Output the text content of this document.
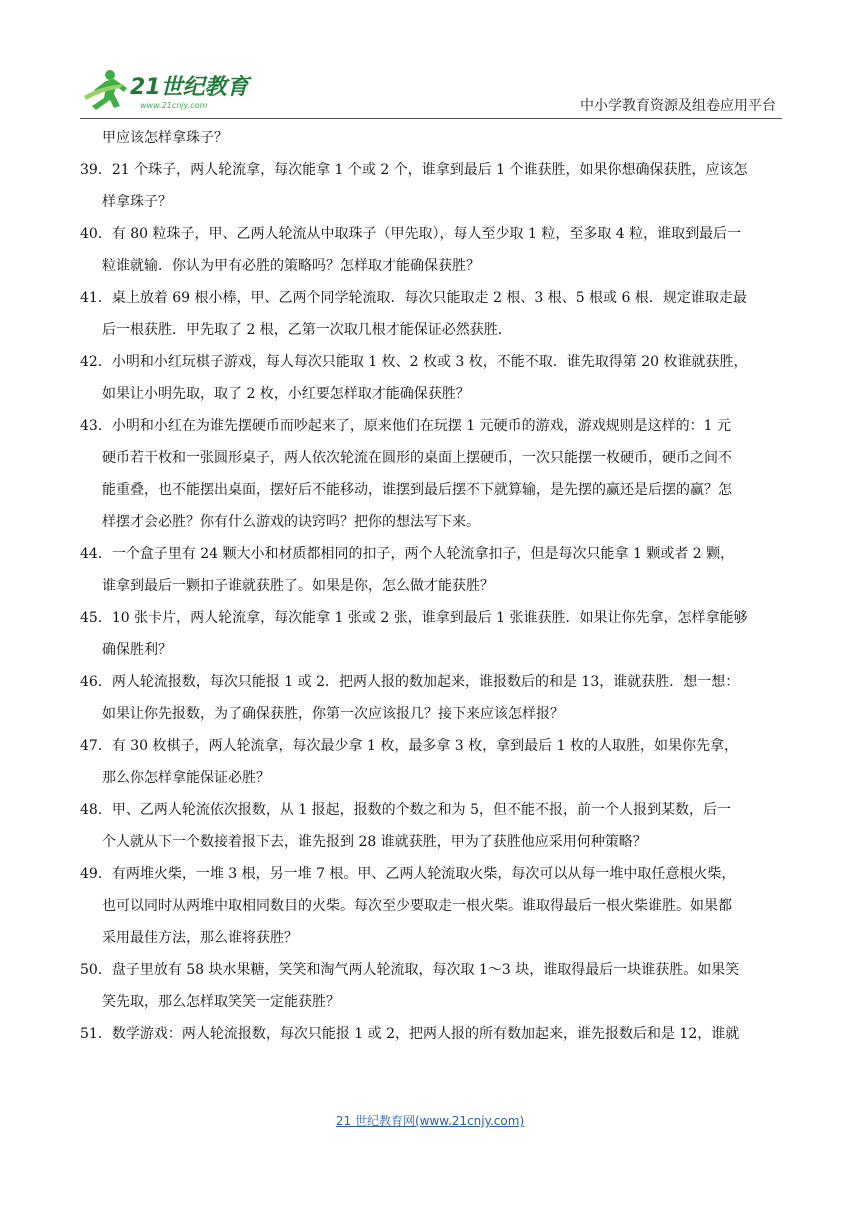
21世纪教育
www.21cnjy.com	中小学教育资源及组卷应用平台
甲应该怎样拿珠子？
39．21 个珠子，两人轮流拿，每次能拿 1 个或 2 个，谁拿到最后 1 个谁获胜，如果你想确保获胜，应该怎
样拿珠子？
40．有 80 粒珠子，甲、乙两人轮流从中取珠子（甲先取），每人至少取 1 粒，至多取 4 粒，谁取到最后一
粒谁就输．你认为甲有必胜的策略吗？怎样取才能确保获胜？
41．桌上放着 69 根小棒，甲、乙两个同学轮流取．每次只能取走 2 根、3 根、5 根或 6 根．规定谁取走最
后一根获胜．甲先取了 2 根，乙第一次取几根才能保证必然获胜．
42．小明和小红玩棋子游戏，每人每次只能取 1 枚、2 枚或 3 枚，不能不取．谁先取得第 20 枚谁就获胜，
如果让小明先取，取了 2 枚，小红要怎样取才能确保获胜？
43．小明和小红在为谁先摆硬币而吵起来了，原来他们在玩摆 1 元硬币的游戏，游戏规则是这样的：1 元
硬币若干枚和一张圆形桌子，两人依次轮流在圆形的桌面上摆硬币，一次只能摆一枚硬币，硬币之间不
能重叠，也不能摆出桌面，摆好后不能移动，谁摆到最后摆不下就算输，是先摆的赢还是后摆的赢？怎
样摆才会必胜？你有什么游戏的诀窍吗？把你的想法写下来。
44．一个盒子里有 24 颗大小和材质都相同的扣子，两个人轮流拿扣子，但是每次只能拿 1 颗或者 2 颗，
谁拿到最后一颗扣子谁就获胜了。如果是你，怎么做才能获胜？
45．10 张卡片，两人轮流拿，每次能拿 1 张或 2 张，谁拿到最后 1 张谁获胜．如果让你先拿，怎样拿能够
确保胜利？
46．两人轮流报数，每次只能报 1 或 2．把两人报的数加起来，谁报数后的和是 13，谁就获胜．想一想：
如果让你先报数，为了确保获胜，你第一次应该报几？接下来应该怎样报？
47．有 30 枚棋子，两人轮流拿，每次最少拿 1 枚，最多拿 3 枚，拿到最后 1 枚的人取胜，如果你先拿，
那么你怎样拿能保证必胜？
48．甲、乙两人轮流依次报数，从 1 报起，报数的个数之和为 5，但不能不报，前一个人报到某数，后一
个人就从下一个数接着报下去，谁先报到 28 谁就获胜，甲为了获胜他应采用何种策略？
49．有两堆火柴，一堆 3 根，另一堆 7 根。甲、乙两人轮流取火柴，每次可以从每一堆中取任意根火柴，
也可以同时从两堆中取相同数目的火柴。每次至少要取走一根火柴。谁取得最后一根火柴谁胜。如果都
采用最佳方法，那么谁将获胜？
50．盘子里放有 58 块水果糖，笑笑和淘气两人轮流取，每次取 1～3 块，谁取得最后一块谁获胜。如果笑
笑先取，那么怎样取笑笑一定能获胜？
51．数学游戏：两人轮流报数，每次只能报 1 或 2，把两人报的所有数加起来，谁先报数后和是 12，谁就
21 世纪教育网(www.21cnjy.com)
